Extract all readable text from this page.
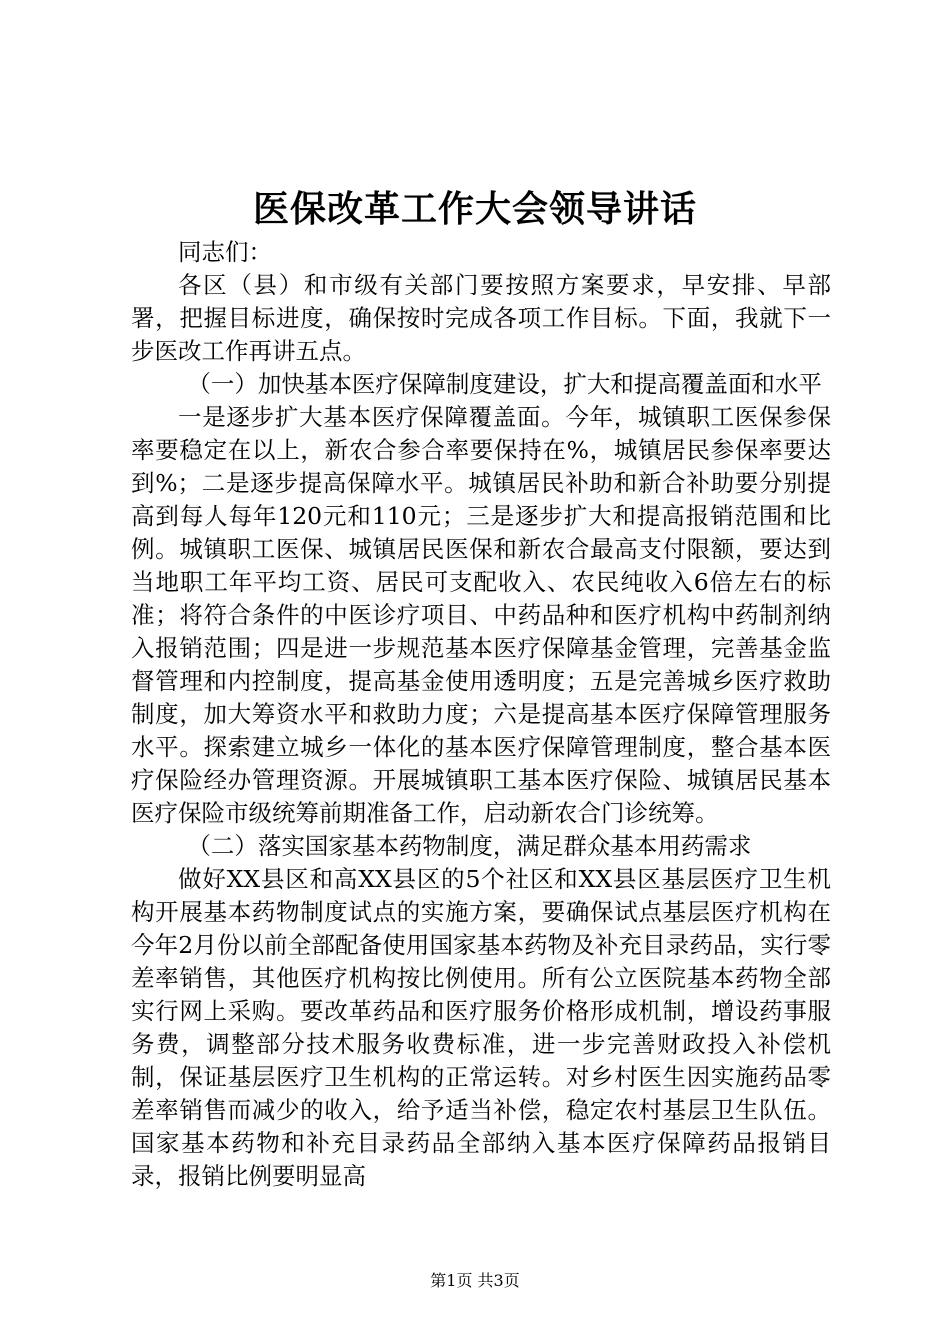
医保改革工作大会领导讲话

同志们：

各区（县）和市级有关部门要按照方案要求，早安排、早部署，把握目标进度，确保按时完成各项工作目标。下面，我就下一步医改工作再讲五点。

（一）加快基本医疗保障制度建设，扩大和提高覆盖面和水平

一是逐步扩大基本医疗保障覆盖面。今年，城镇职工医保参保率要稳定在以上，新农合参合率要保持在%，城镇居民参保率要达到%；二是逐步提高保障水平。城镇居民补助和新合补助要分别提高到每人每年120元和110元；三是逐步扩大和提高报销范围和比例。城镇职工医保、城镇居民医保和新农合最高支付限额，要达到当地职工年平均工资、居民可支配收入、农民纯收入6倍左右的标准；将符合条件的中医诊疗项目、中药品种和医疗机构中药制剂纳入报销范围；四是进一步规范基本医疗保障基金管理，完善基金监督管理和内控制度，提高基金使用透明度；五是完善城乡医疗救助制度，加大筹资水平和救助力度；六是提高基本医疗保障管理服务水平。探索建立城乡一体化的基本医疗保障管理制度，整合基本医疗保险经办管理资源。开展城镇职工基本医疗保险、城镇居民基本医疗保险市级统筹前期准备工作，启动新农合门诊统筹。

（二）落实国家基本药物制度，满足群众基本用药需求

做好XX县区和高XX县区的5个社区和XX县区基层医疗卫生机构开展基本药物制度试点的实施方案，要确保试点基层医疗机构在今年2月份以前全部配备使用国家基本药物及补充目录药品，实行零差率销售，其他医疗机构按比例使用。所有公立医院基本药物全部实行网上采购。要改革药品和医疗服务价格形成机制，增设药事服务费，调整部分技术服务收费标准，进一步完善财政投入补偿机制，保证基层医疗卫生机构的正常运转。对乡村医生因实施药品零差率销售而减少的收入，给予适当补偿，稳定农村基层卫生队伍。国家基本药物和补充目录药品全部纳入基本医疗保障药品报销目录，报销比例要明显高

第1页 共3页
